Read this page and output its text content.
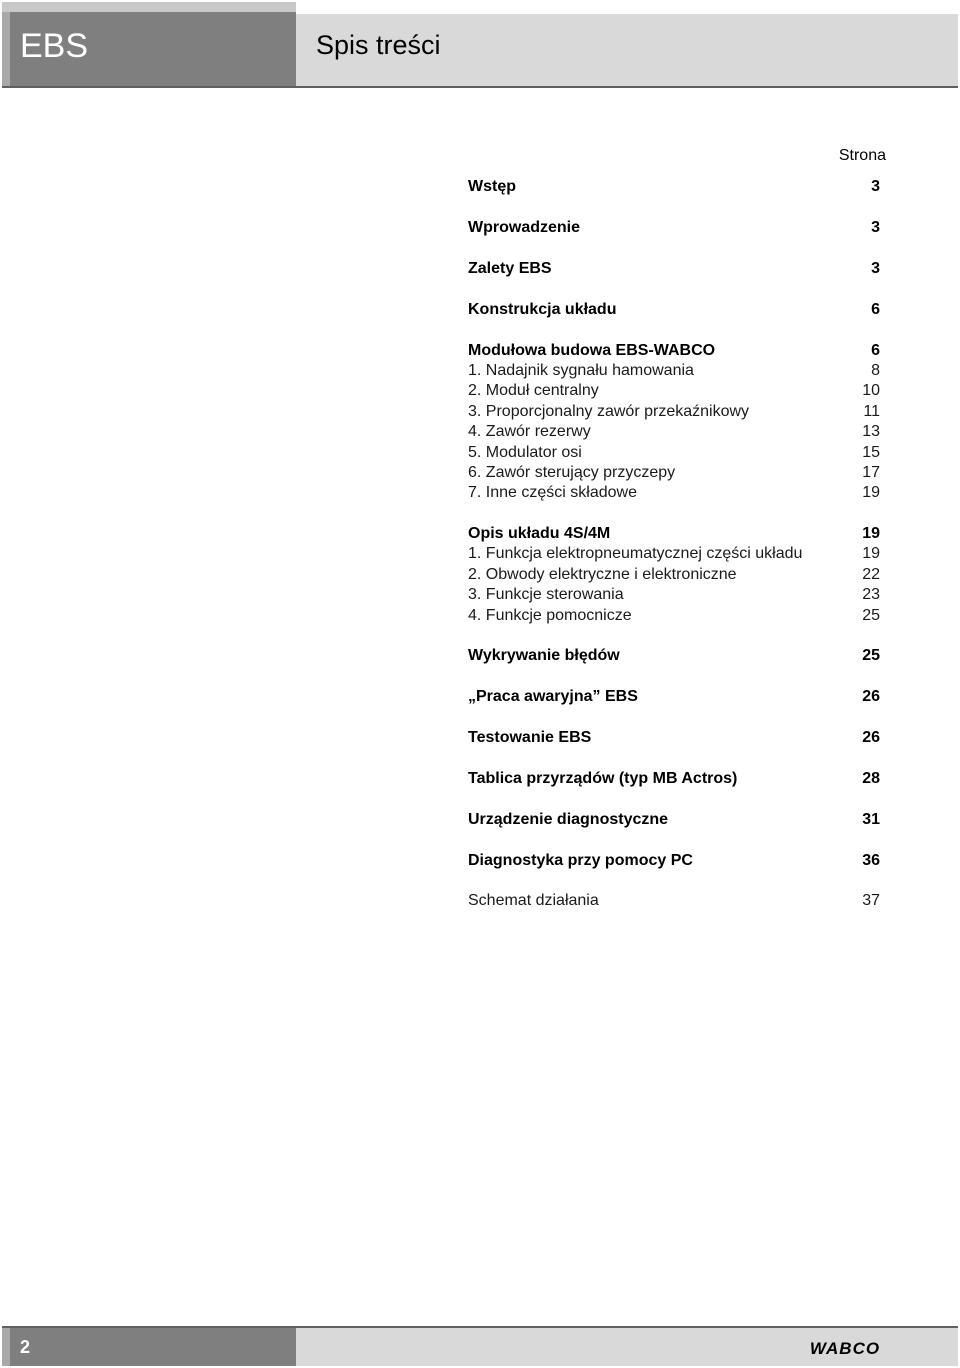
EBS	Spis treści
Strona
Wstęp	3
Wprowadzenie	3
Zalety EBS	3
Konstrukcja układu	6
Modułowa budowa EBS-WABCO	6
1. Nadajnik sygnału hamowania	8
2. Moduł centralny	10
3. Proporcjonalny zawór przekaźnikowy	11
4. Zawór rezerwy	13
5. Modulator osi	15
6. Zawór sterujący przyczepy	17
7. Inne części składowe	19
Opis układu 4S/4M	19
1. Funkcja elektropneumatycznej części układu	19
2. Obwody elektryczne i elektroniczne	22
3. Funkcje sterowania	23
4. Funkcje pomocnicze	25
Wykrywanie błędów	25
„Praca awaryjna” EBS	26
Testowanie EBS	26
Tablica przyrządów (typ MB Actros)	28
Urządzenie diagnostyczne	31
Diagnostyka przy pomocy PC	36
Schemat działania	37
2	WABCO
